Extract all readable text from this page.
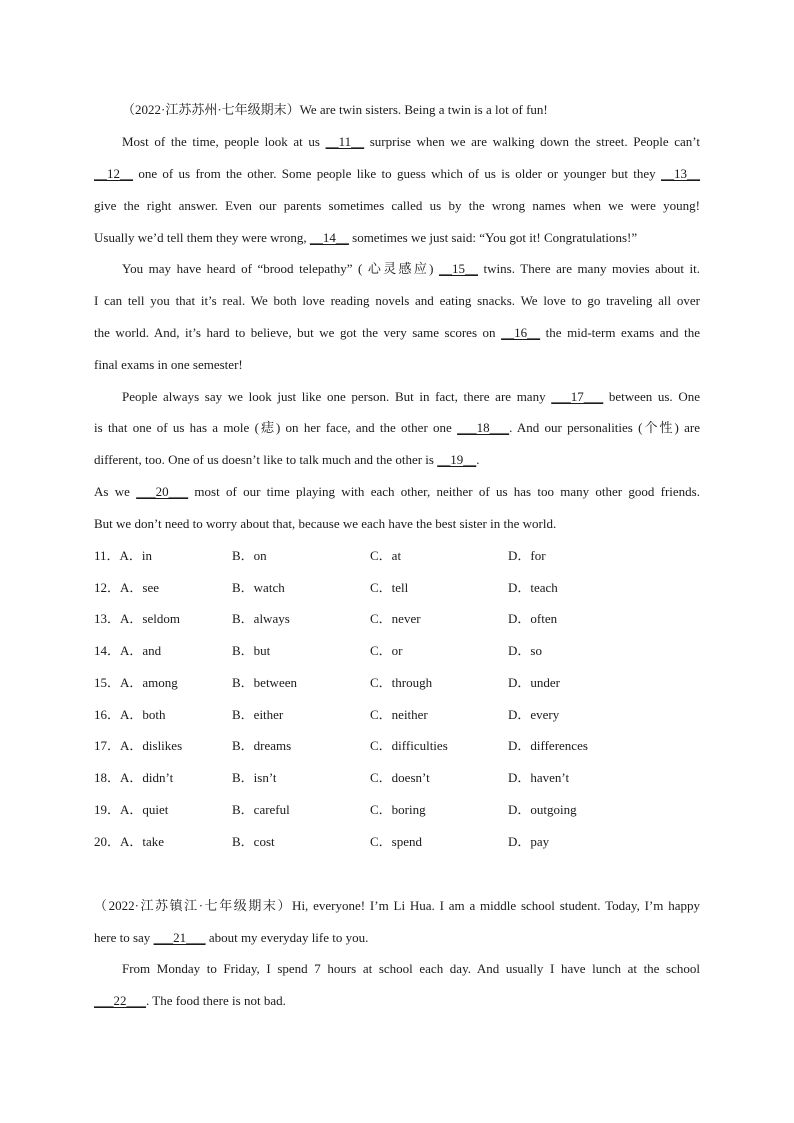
（2022·江苏苏州·七年级期末）We are twin sisters. Being a twin is a lot of fun!
Most of the time, people look at us __11__ surprise when we are walking down the street. People can’t
__12__ one of us from the other. Some people like to guess which of us is older or younger but they __13__
give the right answer. Even our parents sometimes called us by the wrong names when we were young!
Usually we’d tell them they were wrong, __14__ sometimes we just said: “You got it! Congratulations!”
You may have heard of “brood telepathy” ( 心灵感应) __15__ twins. There are many movies about it.
I can tell you that it’s real. We both love reading novels and eating snacks. We love to go traveling all over
the world. And, it’s hard to believe, but we got the very same scores on __16__ the mid-term exams and the
final exams in one semester!
People always say we look just like one person. But in fact, there are many ___17___ between us. One
is that one of us has a mole (痣) on her face, and the other one ___18___. And our personalities (个性) are
different, too. One of us doesn’t like to talk much and the other is __19__.
As we ___20___ most of our time playing with each other, neither of us has too many other good friends.
But we don’t need to worry about that, because we each have the best sister in the world.
11．A．in	B．on	C．at	D．for
12．A．see	B．watch	C．tell	D．teach
13．A．seldom	B．always	C．never	D．often
14．A．and	B．but	C．or	D．so
15．A．among	B．between	C．through	D．under
16．A．both	B．either	C．neither	D．every
17．A．dislikes	B．dreams	C．difficulties	D．differences
18．A．didn’t	B．isn’t	C．doesn’t	D．haven’t
19．A．quiet	B．careful	C．boring	D．outgoing
20．A．take	B．cost	C．spend	D．pay
（2022·江苏镇江·七年级期末）Hi, everyone! I’m Li Hua. I am a middle school student. Today, I’m happy
here to say ___21___ about my everyday life to you.
From Monday to Friday, I spend 7 hours at school each day. And usually I have lunch at the school
___22___. The food there is not bad.
